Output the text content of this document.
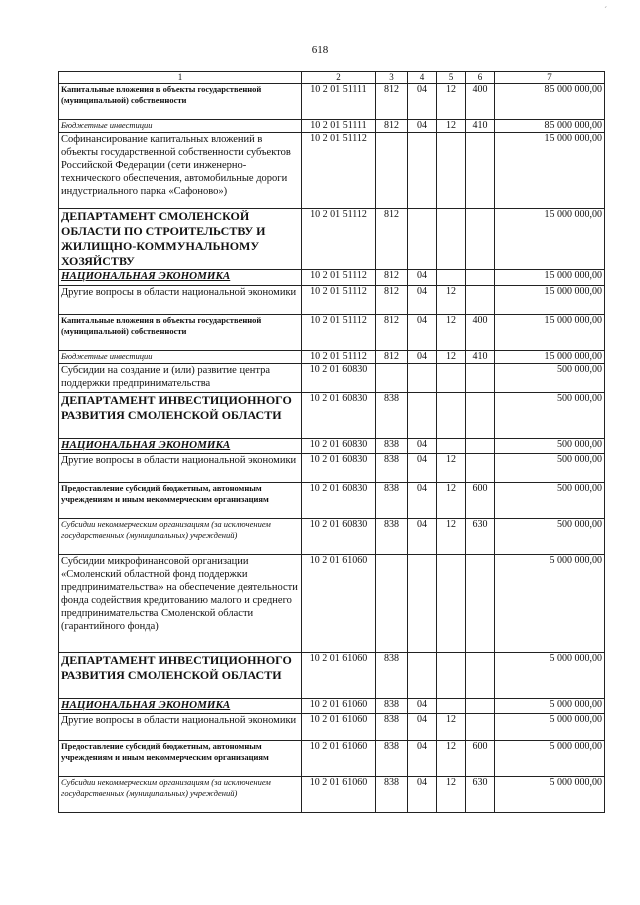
618
´
1	2	3	4	5	6	7
Капитальные вложения в объекты государственной (муниципальной) собственности	10 2 01 51111	812	04	12	400	85 000 000,00
Бюджетные инвестиции	10 2 01 51111	812	04	12	410	85 000 000,00
Софинансирование капитальных вложений в объекты государственной собственности субъектов Российской Федерации (сети инженерно-технического обеспечения, автомобильные дороги индустриального парка «Сафоново»)	10 2 01 51112					15 000 000,00
ДЕПАРТАМЕНТ СМОЛЕНСКОЙ ОБЛАСТИ ПО СТРОИТЕЛЬСТВУ И ЖИЛИЩНО-КОММУНАЛЬНОМУ ХОЗЯЙСТВУ	10 2 01 51112	812				15 000 000,00
НАЦИОНАЛЬНАЯ ЭКОНОМИКА	10 2 01 51112	812	04			15 000 000,00
Другие вопросы в области национальной экономики	10 2 01 51112	812	04	12		15 000 000,00
Капитальные вложения в объекты государственной (муниципальной) собственности	10 2 01 51112	812	04	12	400	15 000 000,00
Бюджетные инвестиции	10 2 01 51112	812	04	12	410	15 000 000,00
Субсидии на создание и (или) развитие центра поддержки предпринимательства	10 2 01 60830					500 000,00
ДЕПАРТАМЕНТ ИНВЕСТИЦИОННОГО РАЗВИТИЯ СМОЛЕНСКОЙ ОБЛАСТИ	10 2 01 60830	838				500 000,00
НАЦИОНАЛЬНАЯ ЭКОНОМИКА	10 2 01 60830	838	04			500 000,00
Другие вопросы в области национальной экономики	10 2 01 60830	838	04	12		500 000,00
Предоставление субсидий бюджетным, автономным учреждениям и иным некоммерческим организациям	10 2 01 60830	838	04	12	600	500 000,00
Субсидии некоммерческим организациям (за исключением государственных (муниципальных) учреждений)	10 2 01 60830	838	04	12	630	500 000,00
Субсидии микрофинансовой организации «Смоленский областной фонд поддержки предпринимательства» на обеспечение деятельности фонда содействия кредитованию малого и среднего предпринимательства Смоленской области (гарантийного фонда)	10 2 01 61060					5 000 000,00
ДЕПАРТАМЕНТ ИНВЕСТИЦИОННОГО РАЗВИТИЯ СМОЛЕНСКОЙ ОБЛАСТИ	10 2 01 61060	838				5 000 000,00
НАЦИОНАЛЬНАЯ ЭКОНОМИКА	10 2 01 61060	838	04			5 000 000,00
Другие вопросы в области национальной экономики	10 2 01 61060	838	04	12		5 000 000,00
Предоставление субсидий бюджетным, автономным учреждениям и иным некоммерческим организациям	10 2 01 61060	838	04	12	600	5 000 000,00
Субсидии некоммерческим организациям (за исключением государственных (муниципальных) учреждений)	10 2 01 61060	838	04	12	630	5 000 000,00
